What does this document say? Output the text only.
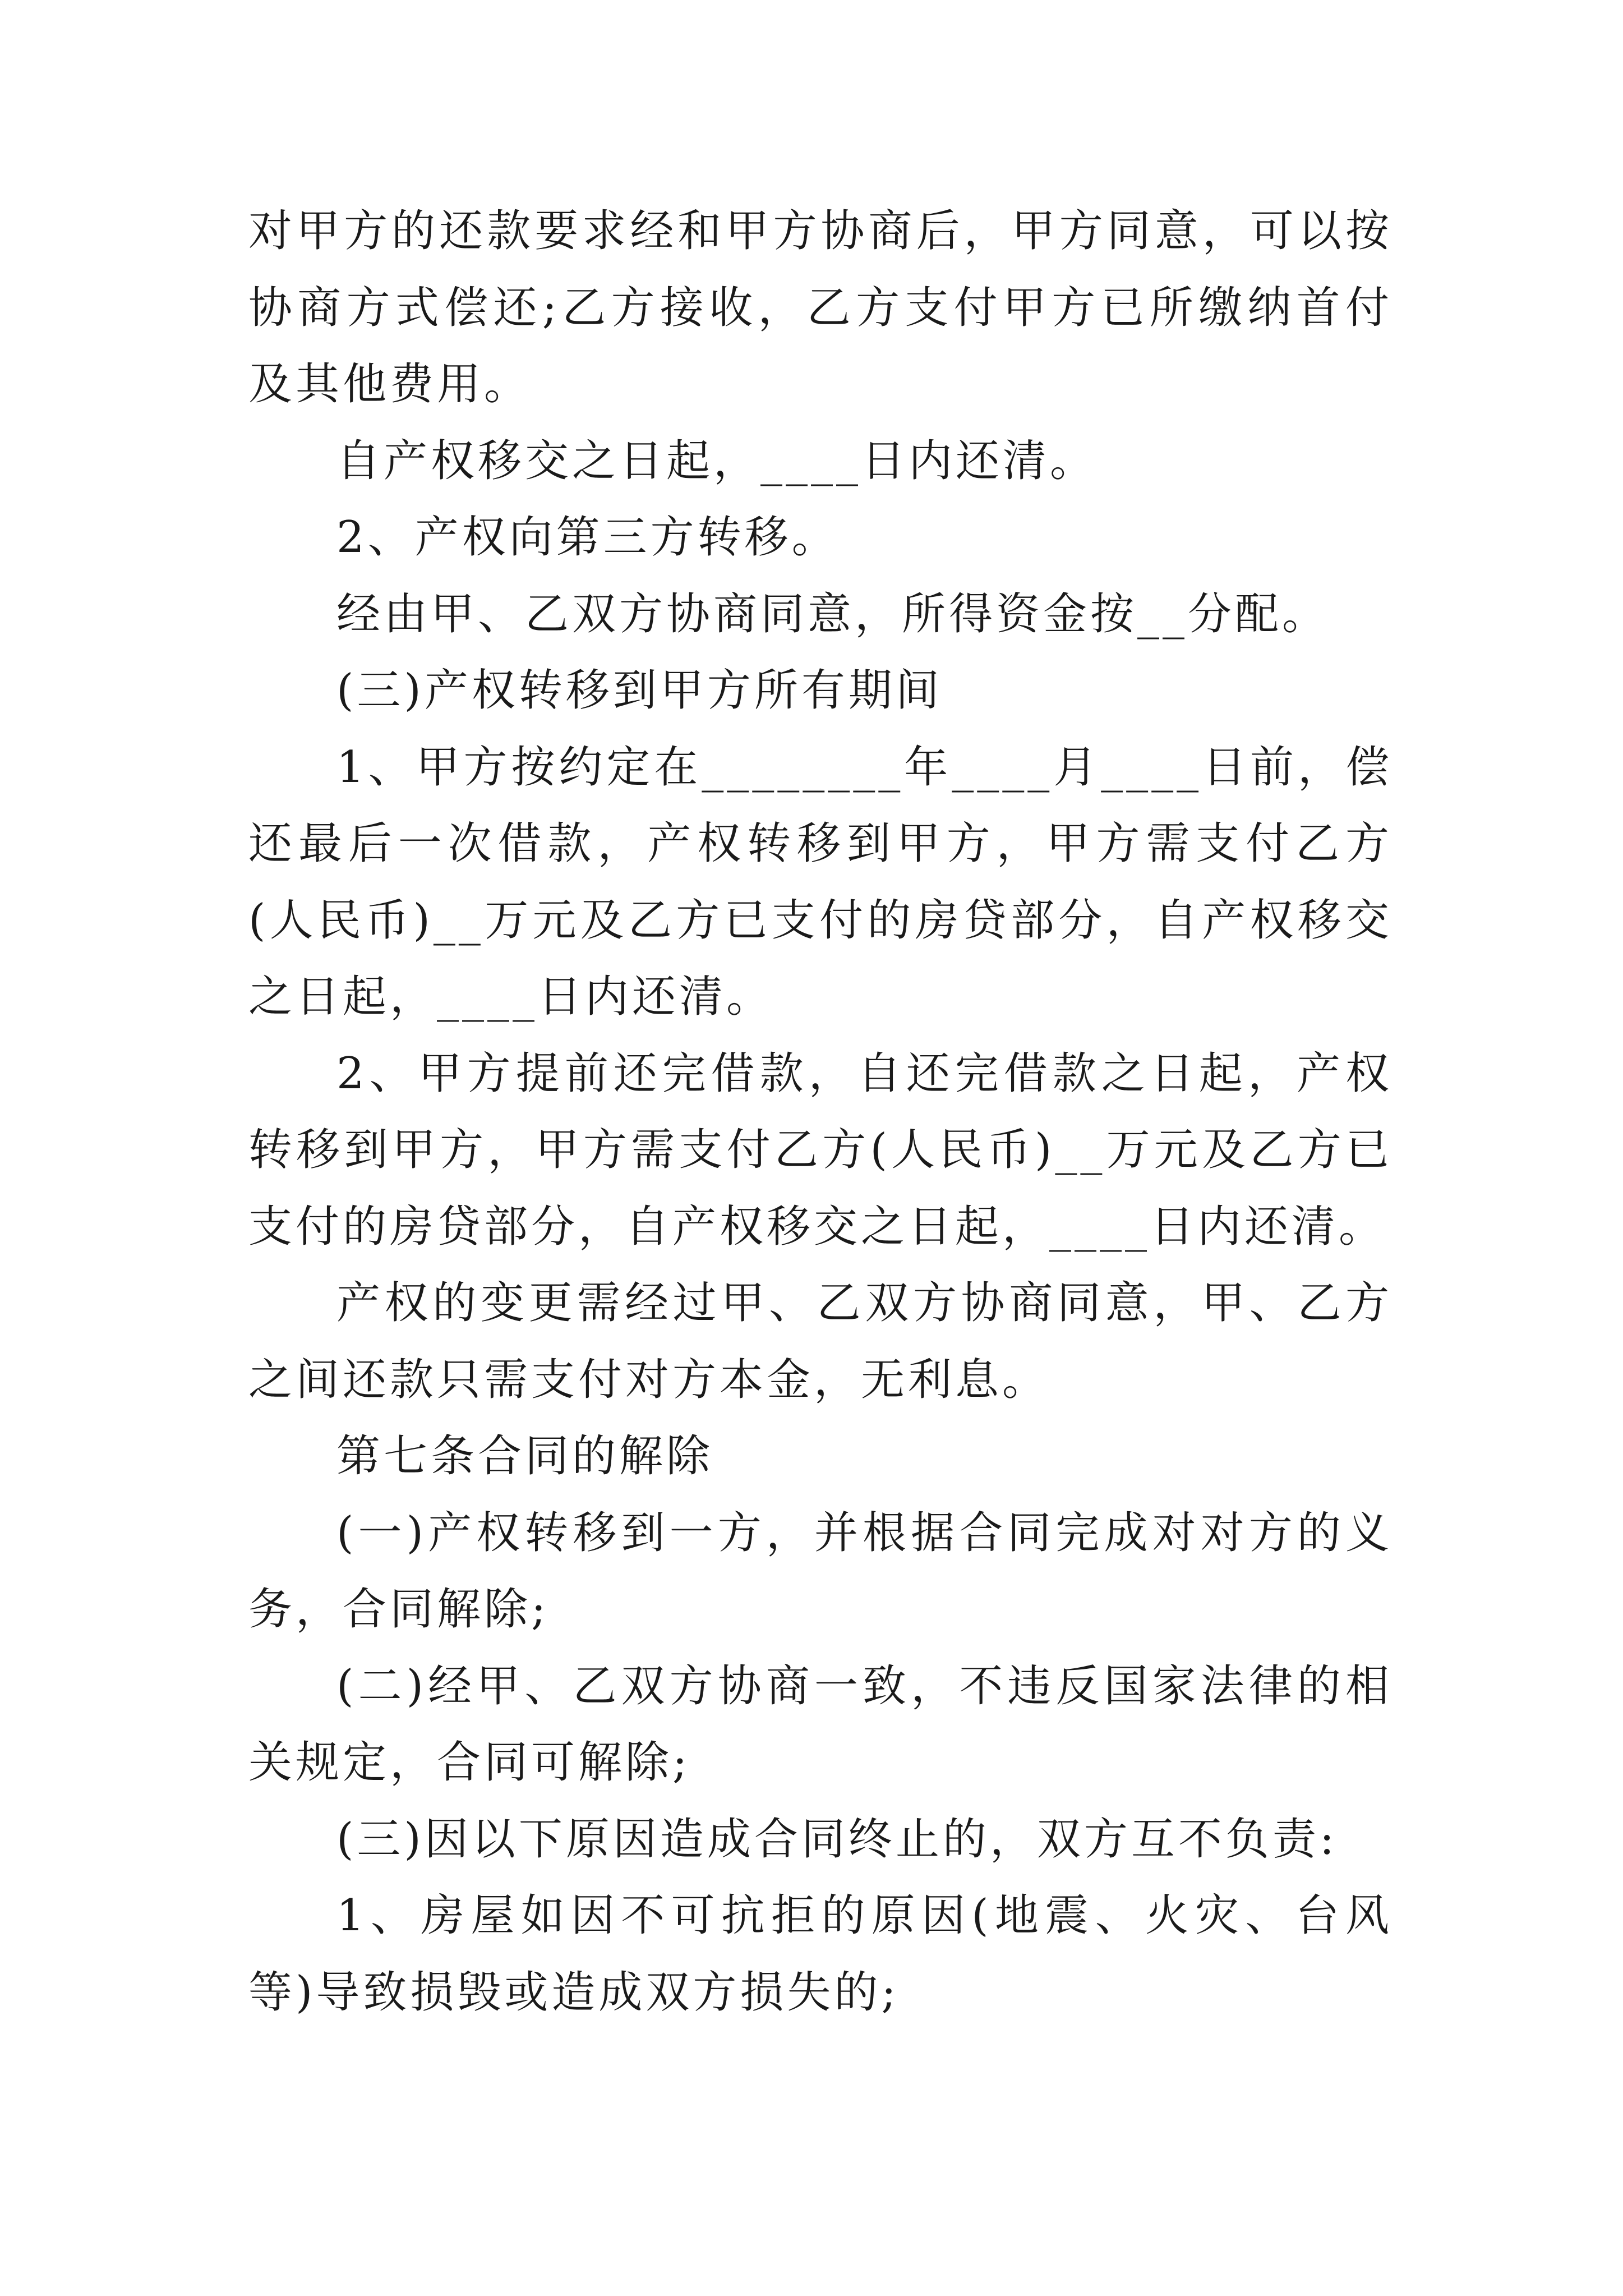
对甲方的还款要求经和甲方协商后，甲方同意，可以按协商方式偿还;乙方接收，乙方支付甲方已所缴纳首付及其他费用。

自产权移交之日起，____日内还清。

2、产权向第三方转移。

经由甲、乙双方协商同意，所得资金按__分配。

(三)产权转移到甲方所有期间

1、甲方按约定在________年____月____日前，偿还最后一次借款，产权转移到甲方，甲方需支付乙方(人民币)__万元及乙方已支付的房贷部分，自产权移交之日起，____日内还清。

2、甲方提前还完借款，自还完借款之日起，产权转移到甲方，甲方需支付乙方(人民币)__万元及乙方已支付的房贷部分，自产权移交之日起，____日内还清。

产权的变更需经过甲、乙双方协商同意，甲、乙方之间还款只需支付对方本金，无利息。

第七条合同的解除

(一)产权转移到一方，并根据合同完成对对方的义务，合同解除;

(二)经甲、乙双方协商一致，不违反国家法律的相关规定，合同可解除;

(三)因以下原因造成合同终止的，双方互不负责:

1、房屋如因不可抗拒的原因(地震、火灾、台风等)导致损毁或造成双方损失的;
